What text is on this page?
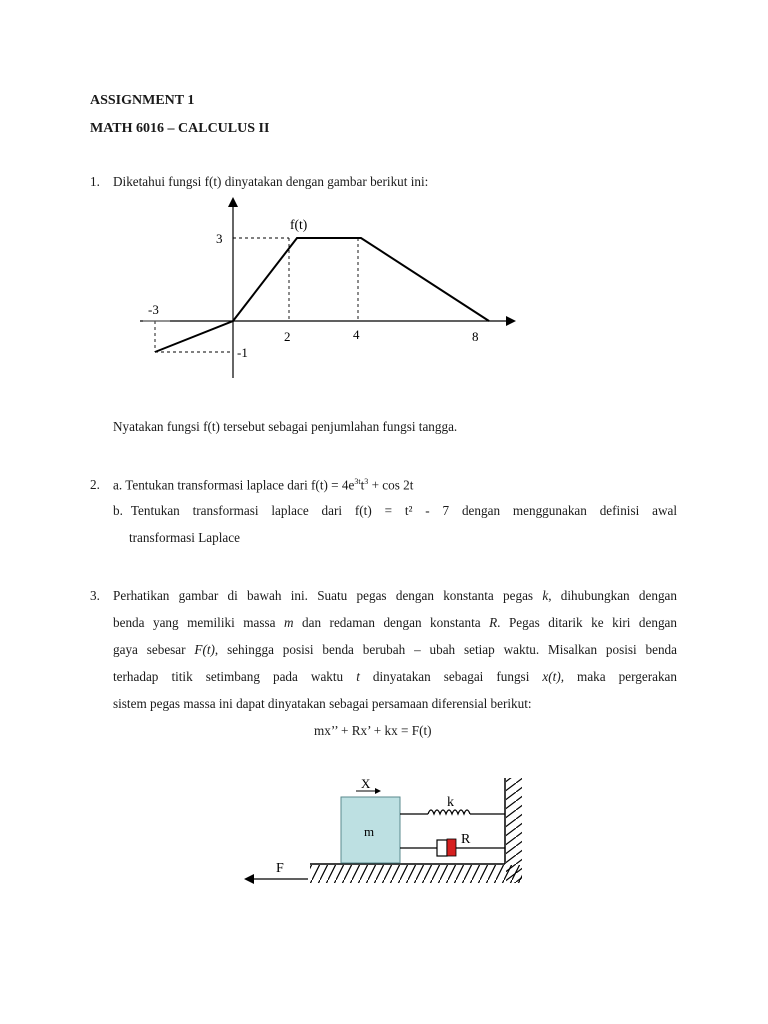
ASSIGNMENT 1
MATH 6016 – CALCULUS II
1. Diketahui fungsi f(t) dinyatakan dengan gambar berikut ini:
f(t)
3
-1
-3
2	4	8
Nyatakan fungsi f(t) tersebut sebagai penjumlahan fungsi tangga.
2. a. Tentukan transformasi laplace dari $f(t) = 4e^{3t}t^3 + \cos 2t$
b. Tentukan transformasi laplace dari f(t) = t² - 7 dengan menggunakan definisi awal
transformasi Laplace
3. Perhatikan gambar di bawah ini. Suatu pegas dengan konstanta pegas k, dihubungkan dengan
benda yang memiliki massa m dan redaman dengan konstanta R. Pegas ditarik ke kiri dengan
gaya sebesar F(t), sehingga posisi benda berubah – ubah setiap waktu. Misalkan posisi benda
terhadap titik setimbang pada waktu t dinyatakan sebagai fungsi x(t), maka pergerakan
sistem pegas massa ini dapat dinyatakan sebagai persamaan diferensial berikut:
mx’’ + Rx’ + kx = F(t)
m
X
k
R
F
